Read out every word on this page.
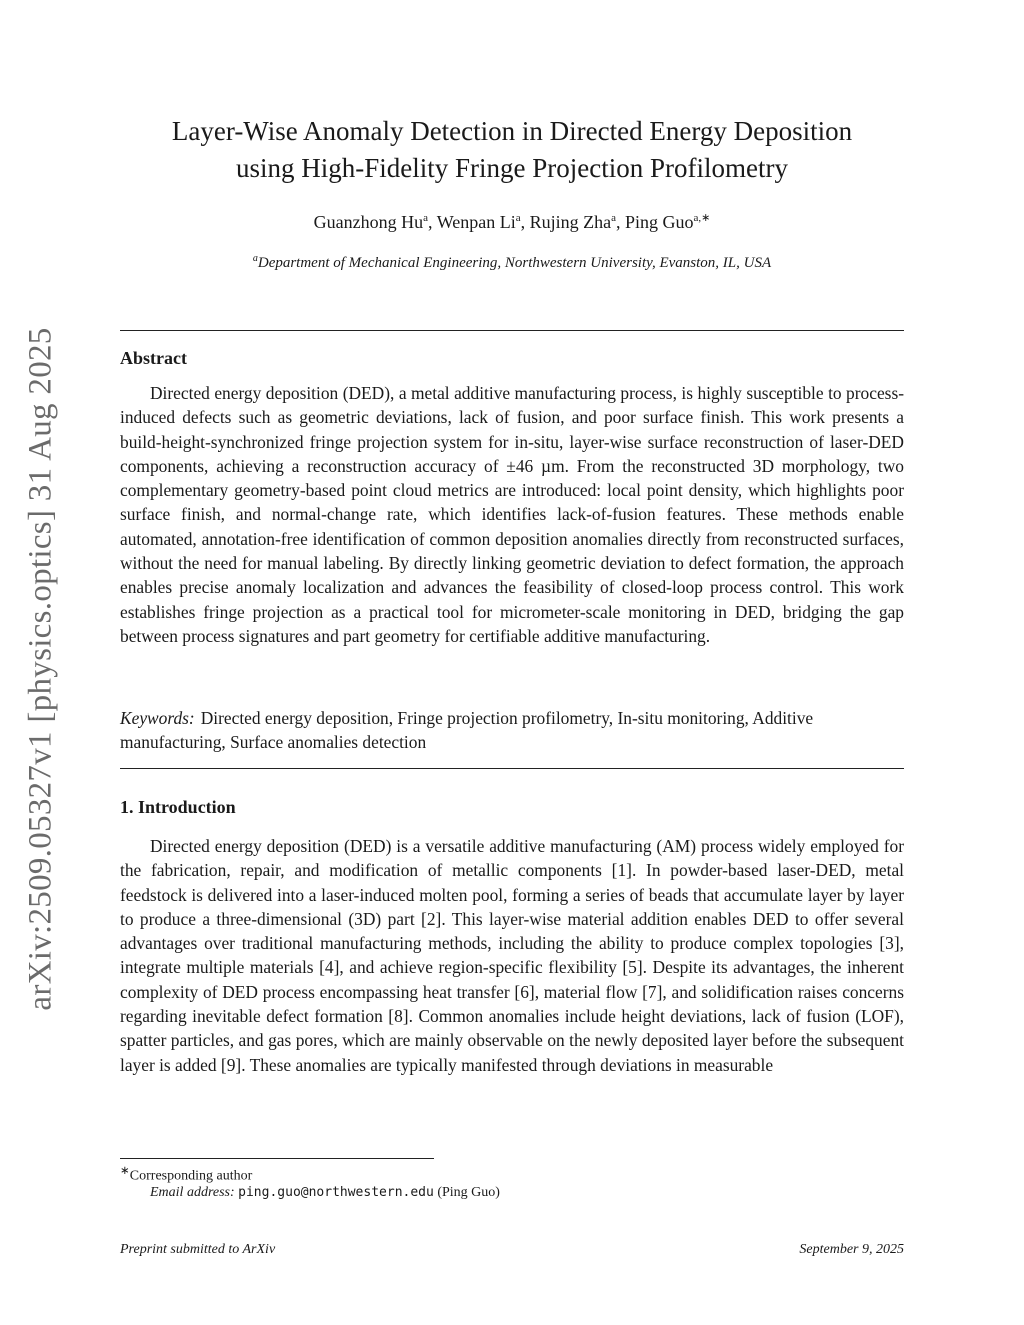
arXiv:2509.05327v1 [physics.optics] 31 Aug 2025
Layer-Wise Anomaly Detection in Directed Energy Deposition
using High-Fidelity Fringe Projection Profilometry
Guanzhong Hu$^a$, Wenpan Li$^a$, Rujing Zha$^a$, Ping Guo$^{a,∗}$
$^a$Department of Mechanical Engineering, Northwestern University, Evanston, IL, USA
Abstract

Directed energy deposition (DED), a metal additive manufacturing process, is highly susceptible to process-induced defects such as geometric deviations, lack of fusion, and poor surface finish. This work presents a build-height-synchronized fringe projection system for in-situ, layer-wise surface reconstruction of laser-DED components, achieving a reconstruction accuracy of ±46 µm. From the reconstructed 3D morphology, two complementary geometry-based point cloud metrics are introduced: local point density, which highlights poor surface finish, and normal-change rate, which identifies lack-of-fusion features. These methods enable automated, annotation-free identification of common deposition anomalies directly from reconstructed surfaces, without the need for manual labeling. By directly linking geometric deviation to defect formation, the approach enables precise anomaly localization and advances the feasibility of closed-loop process control. This work establishes fringe projection as a practical tool for micrometer-scale monitoring in DED, bridging the gap between process signatures and part geometry for certifiable additive manufacturing.

Keywords: Directed energy deposition, Fringe projection profilometry, In-situ monitoring, Additive manufacturing, Surface anomalies detection
1. Introduction

Directed energy deposition (DED) is a versatile additive manufacturing (AM) process widely employed for the fabrication, repair, and modification of metallic components [1]. In powder-based laser-DED, metal feedstock is delivered into a laser-induced molten pool, forming a series of beads that accumulate layer by layer to produce a three-dimensional (3D) part [2]. This layer-wise material addition enables DED to offer several advantages over traditional manufacturing methods, including the ability to produce complex topologies [3], integrate multiple materials [4], and achieve region-specific flexibility [5]. Despite its advantages, the inherent complexity of DED process encompassing heat transfer [6], material flow [7], and solidification raises concerns regarding inevitable defect formation [8]. Common anomalies include height deviations, lack of fusion (LOF), spatter particles, and gas pores, which are mainly observable on the newly deposited layer before the subsequent layer is added [9]. These anomalies are typically manifested through deviations in measurable

∗Corresponding author
Email address: ping.guo@northwestern.edu (Ping Guo)
Preprint submitted to ArXiv	September 9, 2025
